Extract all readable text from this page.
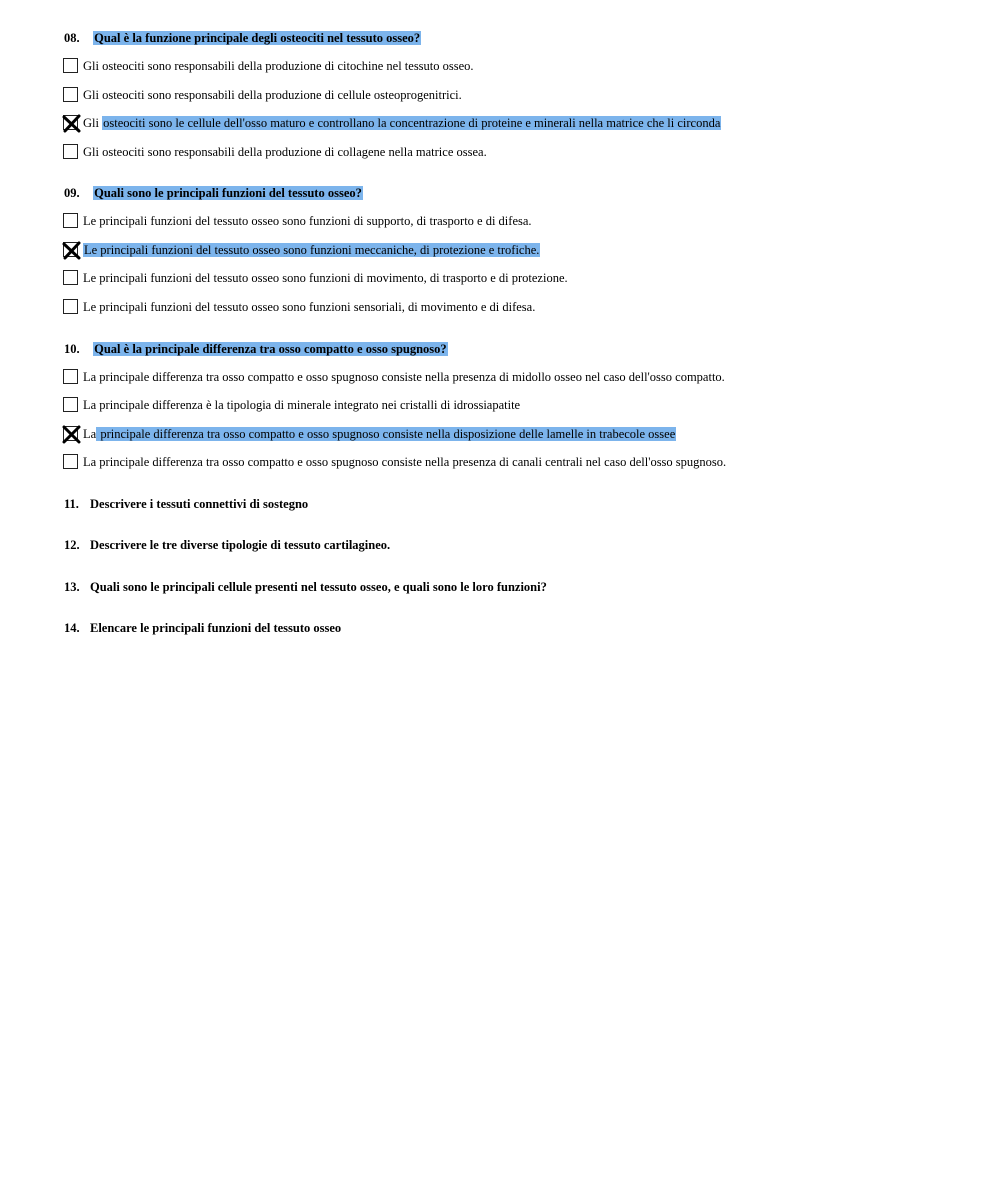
08. Qual è la funzione principale degli osteociti nel tessuto osseo?
Gli osteociti sono responsabili della produzione di citochine nel tessuto osseo.
Gli osteociti sono responsabili della produzione di cellule osteoprogenitrici.
Gli osteociti sono le cellule dell'osso maturo e controllano la concentrazione di proteine e minerali nella matrice che li circonda
Gli osteociti sono responsabili della produzione di collagene nella matrice ossea.
09. Quali sono le principali funzioni del tessuto osseo?
Le principali funzioni del tessuto osseo sono funzioni di supporto, di trasporto e di difesa.
Le principali funzioni del tessuto osseo sono funzioni meccaniche, di protezione e trofiche.
Le principali funzioni del tessuto osseo sono funzioni di movimento, di trasporto e di protezione.
Le principali funzioni del tessuto osseo sono funzioni sensoriali, di movimento e di difesa.
10. Qual è la principale differenza tra osso compatto e osso spugnoso?
La principale differenza tra osso compatto e osso spugnoso consiste nella presenza di midollo osseo nel caso dell'osso compatto.
La principale differenza è la tipologia di minerale integrato nei cristalli di idrossiapatite
La principale differenza tra osso compatto e osso spugnoso consiste nella disposizione delle lamelle in trabecole ossee
La principale differenza tra osso compatto e osso spugnoso consiste nella presenza di canali centrali nel caso dell'osso spugnoso.
11. Descrivere i tessuti connettivi di sostegno
12. Descrivere le tre diverse tipologie di tessuto cartilagineo.
13. Quali sono le principali cellule presenti nel tessuto osseo, e quali sono le loro funzioni?
14. Elencare le principali funzioni del tessuto osseo
